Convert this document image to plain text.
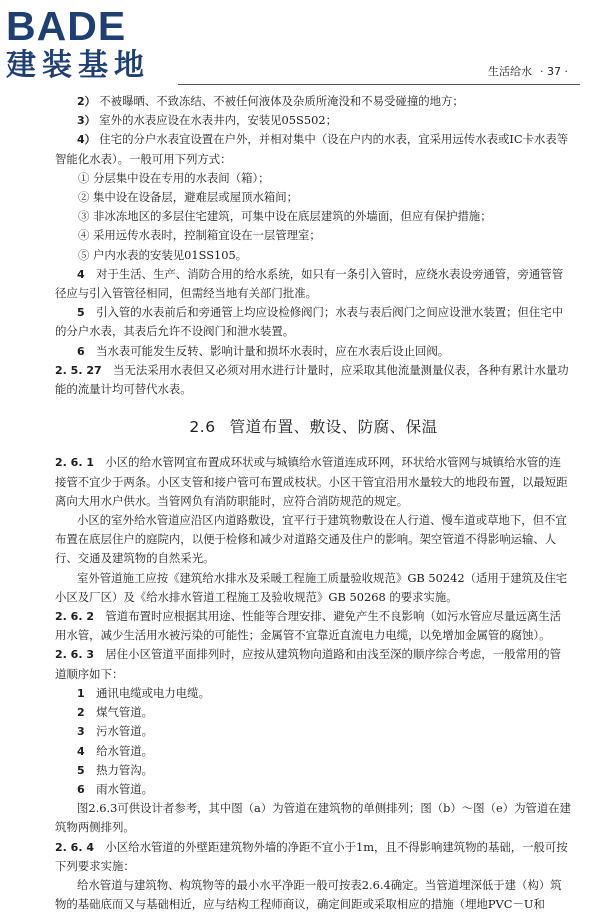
BADE
建装基地	生活给水 · 37 ·

2） 不被曝晒、不致冻结、不被任何液体及杂质所淹没和不易受碰撞的地方；

3） 室外的水表应设在水表井内，安装见05S502；

4） 住宅的分户水表宜设置在户外，并相对集中（设在户内的水表，宜采用远传水表或IC卡水表等智能化水表）。一般可用下列方式：

① 分层集中设在专用的水表间（箱）；

② 集中设在设备层，避难层或屋顶水箱间；

③ 非冰冻地区的多层住宅建筑，可集中设在底层建筑的外墙面，但应有保护措施；

④ 采用远传水表时，控制箱宜设在一层管理室；

⑤ 户内水表的安装见01SS105。

4　 对于生活、生产、消防合用的给水系统，如只有一条引入管时，应绕水表设旁通管，旁通管管径应与引入管管径相同，但需经当地有关部门批准。

5　 引入管的水表前后和旁通管上均应设检修阀门；水表与表后阀门之间应设泄水装置；但住宅中的分户水表，其表后允许不设阀门和泄水装置。

6　 当水表可能发生反转、影响计量和损坏水表时，应在水表后设止回阀。

2. 5. 27　 当无法采用水表但又必须对用水进行计量时，应采取其他流量测量仪表，各种有累计水量功能的流量计均可替代水表。

2.6 管道布置、敷设、防腐、保温

2. 6. 1　 小区的给水管网宜布置成环状或与城镇给水管道连成环网，环状给水管网与城镇给水管的连接管不宜少于两条。小区支管和接户管可布置成枝状。小区干管宜沿用水量较大的地段布置，以最短距离向大用水户供水。当管网负有消防职能时，应符合消防规范的规定。

小区的室外给水管道应沿区内道路敷设，宜平行于建筑物敷设在人行道、慢车道或草地下，但不宜布置在底层住户的庭院内，以便于检修和减少对道路交通及住户的影响。架空管道不得影响运输、人行、交通及建筑物的自然采光。

室外管道施工应按《建筑给水排水及采暖工程施工质量验收规范》GB 50242（适用于建筑及住宅小区及厂区）及《给水排水管道工程施工及验收规范》GB 50268 的要求实施。

2. 6. 2　 管道布置时应根据其用途、性能等合理安排、避免产生不良影响（如污水管应尽量远离生活用水管，减少生活用水被污染的可能性；金属管不宜靠近直流电力电缆，以免增加金属管的腐蚀）。

2. 6. 3　 居住小区管道平面排列时，应按从建筑物向道路和由浅至深的顺序综合考虑，一般常用的管道顺序如下：

1　 通讯电缆或电力电缆。

2　 煤气管道。

3　 污水管道。

4　 给水管道。

5　 热力管沟。

6　 雨水管道。

图2.6.3可供设计者参考，其中图（a）为管道在建筑物的单侧排列；图（b）～图（e）为管道在建筑物两侧排列。

2. 6. 4　 小区给水管道的外壁距建筑物外墙的净距不宜小于1m，且不得影响建筑物的基础，一般可按下列要求实施：

给水管道与建筑物、构筑物等的最小水平净距一般可按表2.6.4确定。当管道埋深低于建（构）筑物的基础底而又与基础相近，应与结构工程师商议，确定间距或采取相应的措施（埋地PVC－U和
